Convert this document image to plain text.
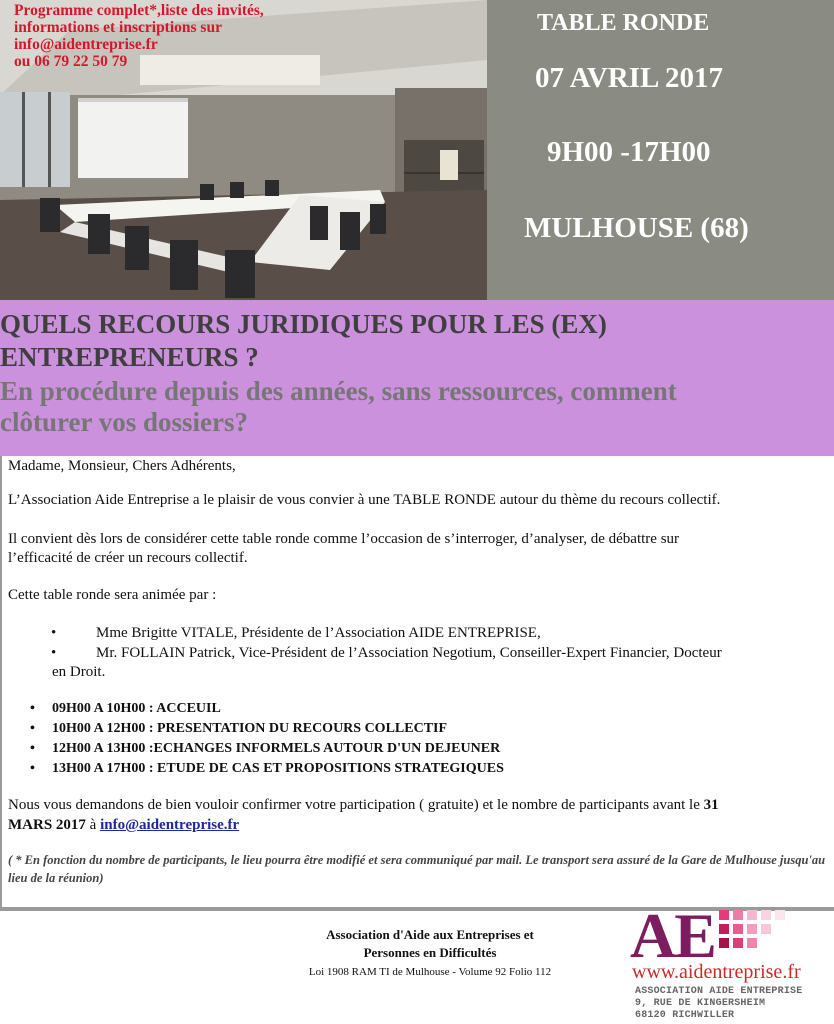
Programme complet*,liste des invités,
informations et inscriptions sur
info@aidentreprise.fr
ou 06 79 22 50 79
TABLE RONDE
07 AVRIL 2017
9H00 -17H00
MULHOUSE (68)
QUELS RECOURS JURIDIQUES POUR LES (EX)
ENTREPRENEURS ?
En procédure depuis des années, sans ressources, comment
clôturer vos dossiers?
Madame, Monsieur, Chers Adhérents,
L’Association Aide Entreprise a le plaisir de vous convier à une TABLE RONDE autour du thème du recours collectif.
Il convient dès lors de considérer cette table ronde comme l’occasion de s’interroger, d’analyser, de débattre sur
l’efficacité de créer un recours collectif.
Cette table ronde sera animée par :
•	Mme Brigitte VITALE, Présidente de l’Association AIDE ENTREPRISE,
•	Mr. FOLLAIN Patrick, Vice-Président de l’Association Negotium, Conseiller-Expert Financier, Docteur
en Droit.
• 09H00 A 10H00 : ACCEUIL
• 10H00 A 12H00 : PRESENTATION DU RECOURS COLLECTIF
• 12H00 A 13H00 :ECHANGES INFORMELS AUTOUR D'UN DEJEUNER
• 13H00 A 17H00 : ETUDE DE CAS ET PROPOSITIONS STRATEGIQUES
Nous vous demandons de bien vouloir confirmer votre participation ( gratuite) et le nombre de participants avant le 31
MARS 2017 à info@aidentreprise.fr
( * En fonction du nombre de participants, le lieu pourra être modifié et sera communiqué par mail. Le transport sera assuré de la Gare de Mulhouse jusqu'au lieu de la réunion)
Association d'Aide aux Entreprises et
Personnes en Difficultés
Loi 1908 RAM TI de Mulhouse - Volume 92 Folio 112
AE
www.aidentreprise.fr
ASSOCIATION AIDE ENTREPRISE
9, RUE DE KINGERSHEIM
68120 RICHWILLER
